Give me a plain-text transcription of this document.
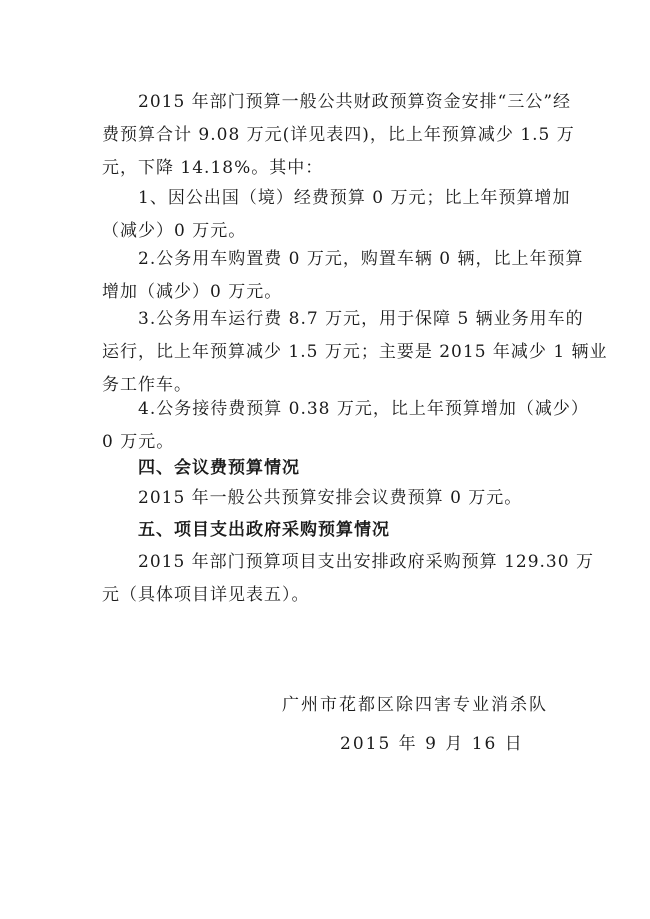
2015 年部门预算一般公共财政预算资金安排“三公”经
费预算合计 9.08 万元(详见表四)，比上年预算减少 1.5 万
元，下降 14.18%。其中：
1、因公出国（境）经费预算 0 万元；比上年预算增加
（减少）0 万元。
2.公务用车购置费 0 万元，购置车辆 0 辆，比上年预算
增加（减少）0 万元。
3.公务用车运行费 8.7 万元，用于保障 5 辆业务用车的
运行，比上年预算减少 1.5 万元；主要是 2015 年减少 1 辆业
务工作车。
4.公务接待费预算 0.38 万元，比上年预算增加（减少）
0 万元。
四、会议费预算情况
2015 年一般公共预算安排会议费预算 0 万元。
五、项目支出政府采购预算情况
2015 年部门预算项目支出安排政府采购预算 129.30 万
元（具体项目详见表五）。
广州市花都区除四害专业消杀队
2015 年 9 月 16 日
